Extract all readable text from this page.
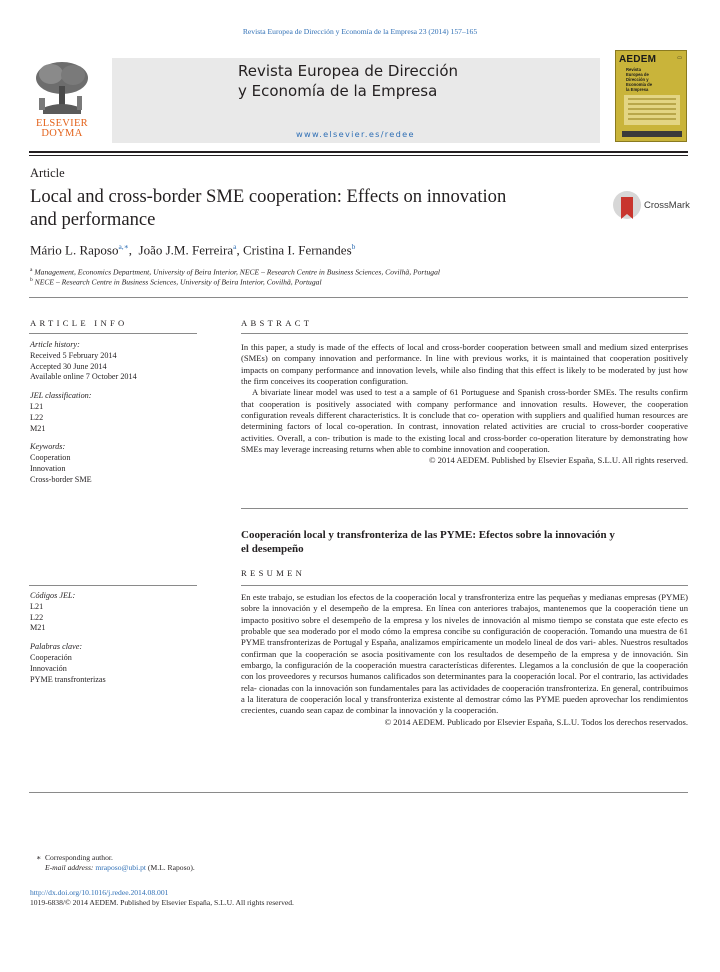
Revista Europea de Dirección y Economía de la Empresa 23 (2014) 157–165
ELSEVIER
DOYMA
Revista Europea de Dirección
y Economía de la Empresa
www.elsevier.es/redee
AEDEM	▭
Revista
Europea de
Dirección y
Economía de
la Empresa
Article
Local and cross-border SME cooperation: Effects on innovation
and performance
CrossMark
Mário L. Raposo$^{a,∗}$,  João J.M. Ferreira$^a$, Cristina I. Fernandes$^b$
$^a$ Management, Economics Department, University of Beira Interior, NECE – Research Centre in Business Sciences, Covilhã, Portugal
$^b$ NECE – Research Centre in Business Sciences, University of Beira Interior, Covilhã, Portugal
ARTICLE INFO
Article history:
Received 5 February 2014
Accepted 30 June 2014
Available online 7 October 2014
JEL classification:
L21
L22
M21
Keywords:
Cooperation
Innovation
Cross-border SME
ABSTRACT

In this paper, a study is made of the effects of local and cross-border cooperation between small and medium sized enterprises (SMEs) on company innovation and performance. In line with previous works, it is maintained that cooperation positively impacts on company performance and innovation levels, while also finding that this effect is likely to be moderated by just how the firm conceives its cooperation configuration.

A bivariate linear model was used to test a a sample of 61 Portuguese and Spanish cross-border SMEs. The results confirm that cooperation is positively associated with company performance and innovation results. However, the cooperation configuration reveals different characteristics. It is conclude that co- operation with suppliers and qualified human resources are determining factors of local co-operation. In contrast, innovation related activities are crucial to cross-border cooperative activities. Overall, a con- tribution is made to the existing local and cross-border co-operation literature by demonstrating how SMEs may leverage increasing returns when able to combine innovation and cooperation.

© 2014 AEDEM. Published by Elsevier España, S.L.U. All rights reserved.

Cooperación local y transfronteriza de las PYME: Efectos sobre la innovación y
el desempeño
RESUMEN
Códigos JEL:
L21
L22
M21
Palabras clave:
Cooperación
Innovación
PYME transfronterizas

En este trabajo, se estudian los efectos de la cooperación local y transfronteriza entre las pequeñas y medianas empresas (PYME) sobre la innovación y el desempeño de la empresa. En línea con anteriores trabajos, mantenemos que la cooperación tiene un impacto positivo sobre el desempeño de la empresa y los niveles de innovación al mismo tiempo se constata que este efecto es probable que sea moderado por el modo cómo la empresa concibe su configuración de cooperación. Tomando una muestra de 61 PYME transfronterizas de Portugal y España, analizamos empíricamente un modelo lineal de dos vari- ables. Nuestros resultados confirman que la cooperación se asocia positivamente con los resultados de desempeño de la empresa y de innovación. Sin embargo, la configuración de la cooperación muestra características diferentes. Llegamos a la conclusión de que la cooperación con los proveedores y recursos humanos calificados son determinantes para la cooperación local. Por el contrario, las actividades rela- cionadas con la innovación son fundamentales para las actividades de cooperación transfronteriza. En general, contribuimos a la literatura de cooperación local y transfronteriza existente al demostrar cómo las PYME pueden aprovechar los rendimientos crecientes, cuando sean capaz de combinar la innovación y la cooperación.

© 2014 AEDEM. Publicado por Elsevier España, S.L.U. Todos los derechos reservados.

∗ Corresponding author.
E-mail address: mraposo@ubi.pt (M.L. Raposo).
http://dx.doi.org/10.1016/j.redee.2014.08.001
1019-6838/© 2014 AEDEM. Published by Elsevier España, S.L.U. All rights reserved.
